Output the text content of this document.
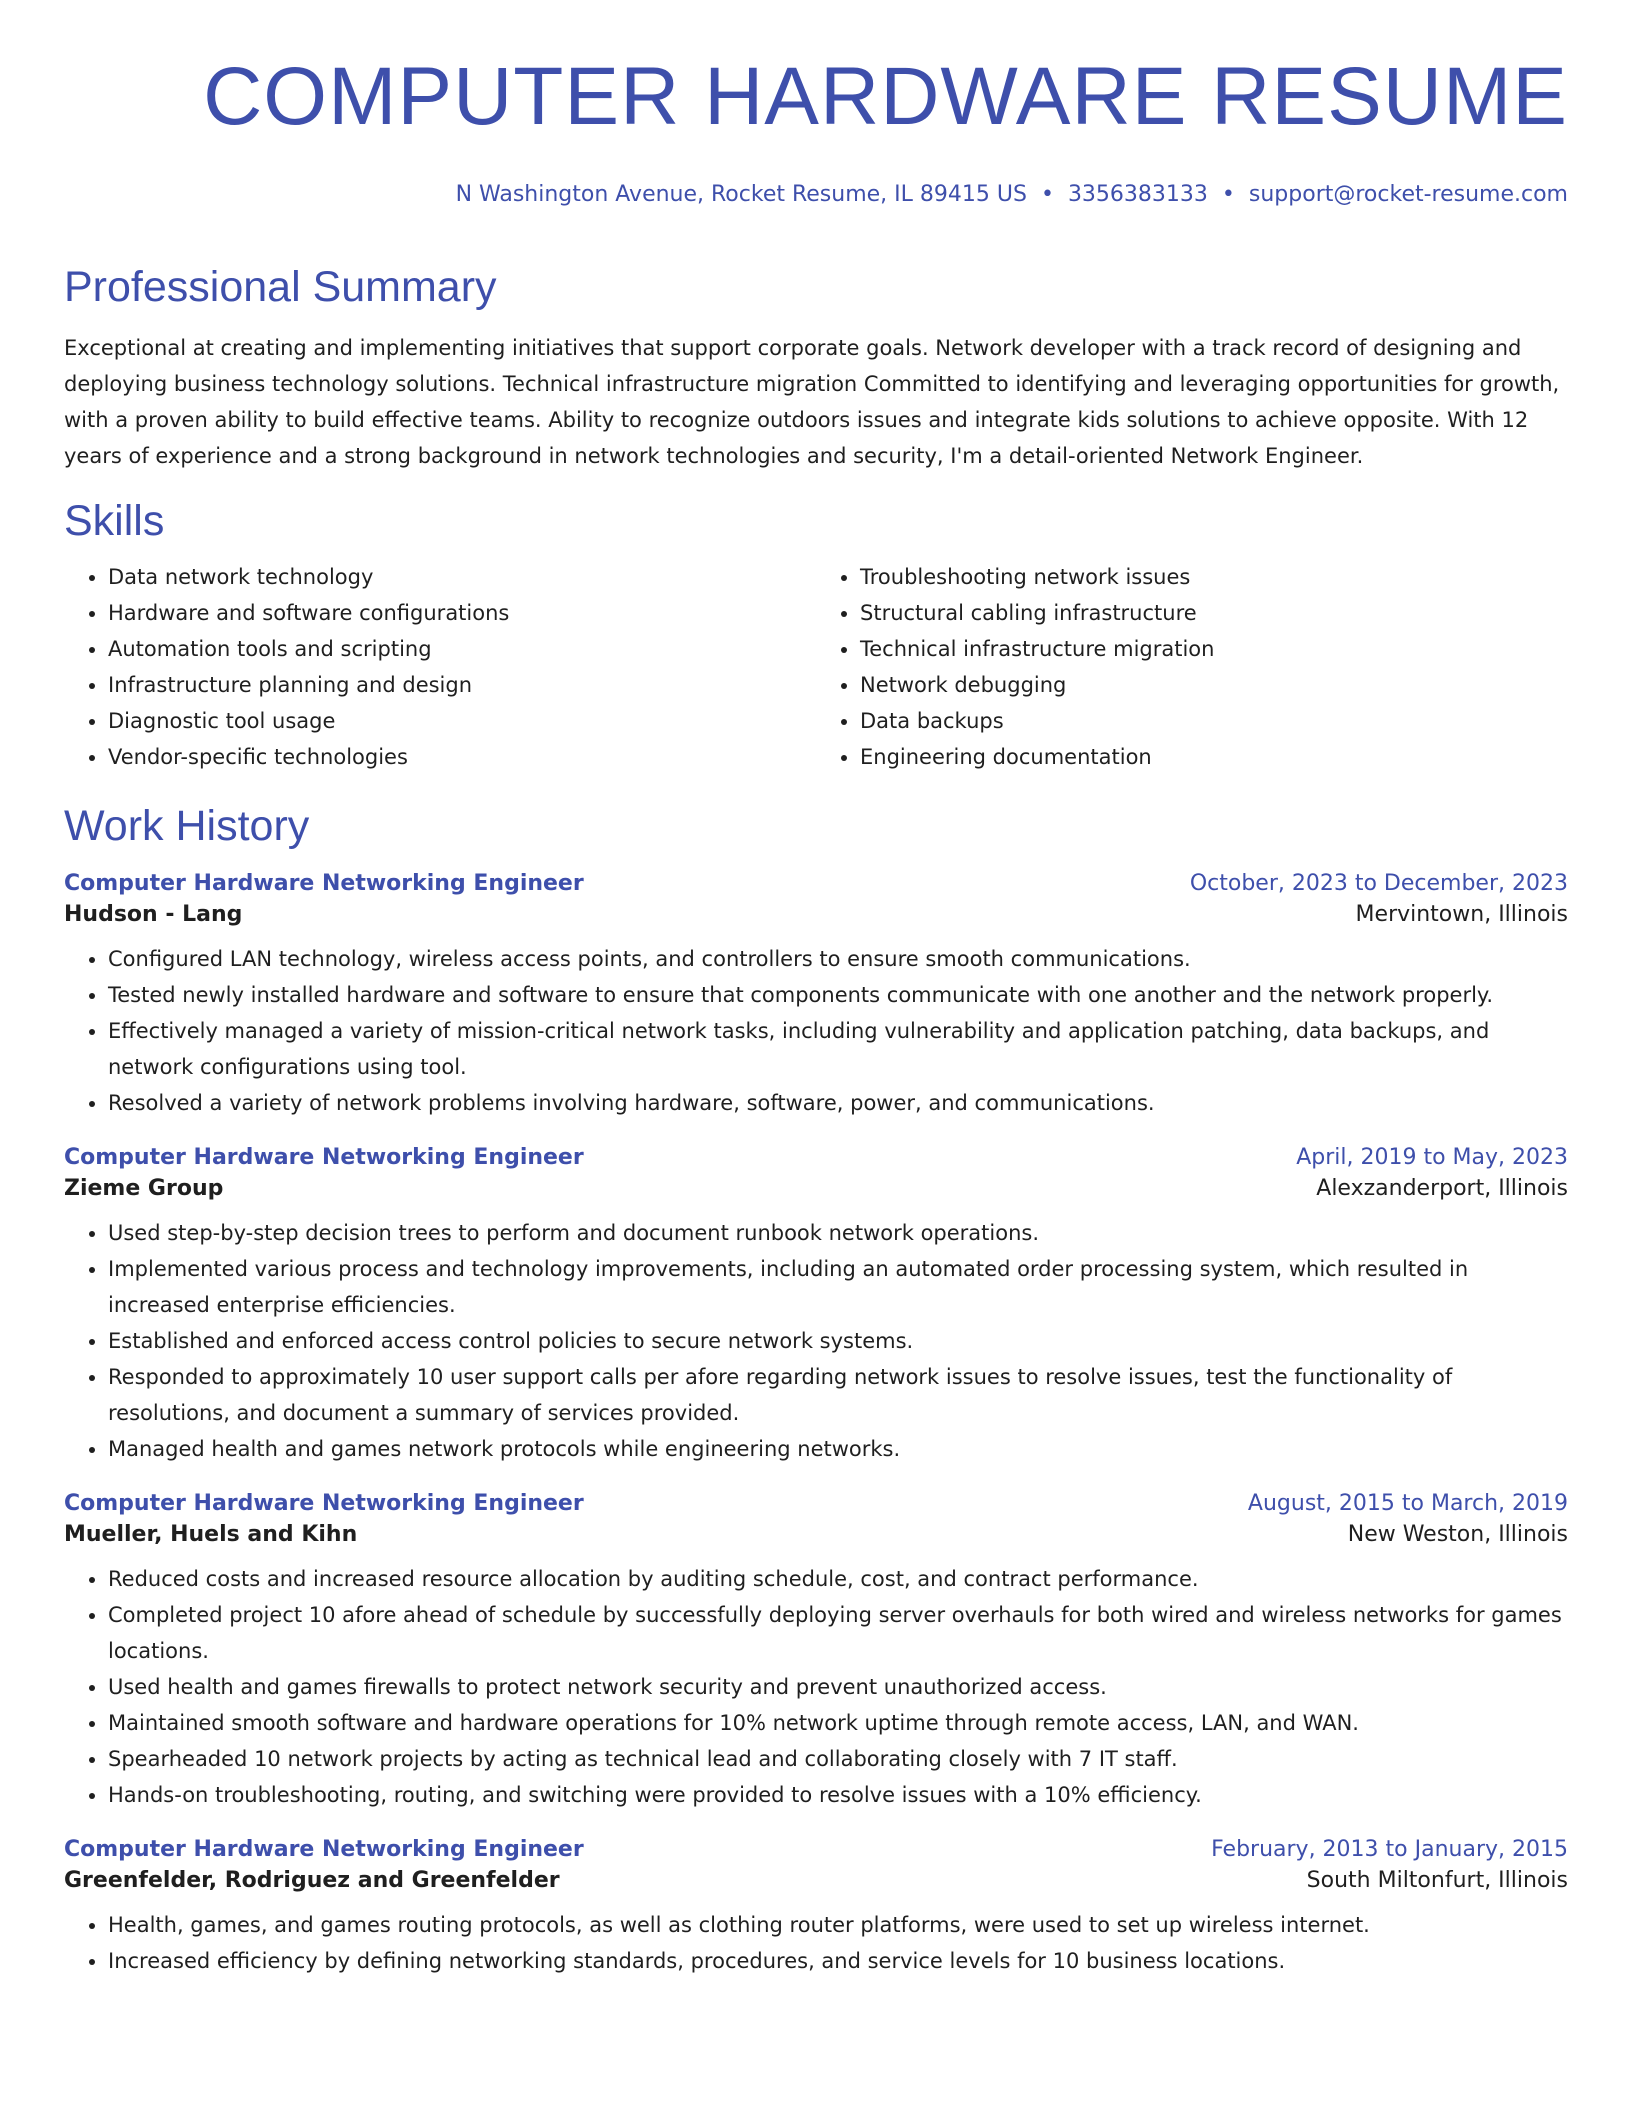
COMPUTER HARDWARE RESUME
N Washington Avenue, Rocket Resume, IL 89415 US • 3356383133 • support@rocket-resume.com
Professional Summary

Exceptional at creating and implementing initiatives that support corporate goals. Network developer with a track record of designing and deploying business technology solutions. Technical infrastructure migration Committed to identifying and leveraging opportunities for growth, with a proven ability to build effective teams. Ability to recognize outdoors issues and integrate kids solutions to achieve opposite. With 12 years of experience and a strong background in network technologies and security, I'm a detail-oriented Network Engineer.

Skills
• Data network technology
• Hardware and software configurations
• Automation tools and scripting
• Infrastructure planning and design
• Diagnostic tool usage
• Vendor-specific technologies
• Troubleshooting network issues
• Structural cabling infrastructure
• Technical infrastructure migration
• Network debugging
• Data backups
• Engineering documentation
Work History
Computer Hardware Networking Engineer	October, 2023 to December, 2023
Hudson - Lang	Mervintown, Illinois
• Configured LAN technology, wireless access points, and controllers to ensure smooth communications.
• Tested newly installed hardware and software to ensure that components communicate with one another and the network properly.
• Effectively managed a variety of mission-critical network tasks, including vulnerability and application patching, data backups, and network configurations using tool.
• Resolved a variety of network problems involving hardware, software, power, and communications.
Computer Hardware Networking Engineer	April, 2019 to May, 2023
Zieme Group	Alexzanderport, Illinois
• Used step-by-step decision trees to perform and document runbook network operations.
• Implemented various process and technology improvements, including an automated order processing system, which resulted in increased enterprise efficiencies.
• Established and enforced access control policies to secure network systems.
• Responded to approximately 10 user support calls per afore regarding network issues to resolve issues, test the functionality of resolutions, and document a summary of services provided.
• Managed health and games network protocols while engineering networks.
Computer Hardware Networking Engineer	August, 2015 to March, 2019
Mueller, Huels and Kihn	New Weston, Illinois
• Reduced costs and increased resource allocation by auditing schedule, cost, and contract performance.
• Completed project 10 afore ahead of schedule by successfully deploying server overhauls for both wired and wireless networks for games locations.
• Used health and games firewalls to protect network security and prevent unauthorized access.
• Maintained smooth software and hardware operations for 10% network uptime through remote access, LAN, and WAN.
• Spearheaded 10 network projects by acting as technical lead and collaborating closely with 7 IT staff.
• Hands-on troubleshooting, routing, and switching were provided to resolve issues with a 10% efficiency.
Computer Hardware Networking Engineer	February, 2013 to January, 2015
Greenfelder, Rodriguez and Greenfelder	South Miltonfurt, Illinois
• Health, games, and games routing protocols, as well as clothing router platforms, were used to set up wireless internet.
• Increased efficiency by defining networking standards, procedures, and service levels for 10 business locations.
